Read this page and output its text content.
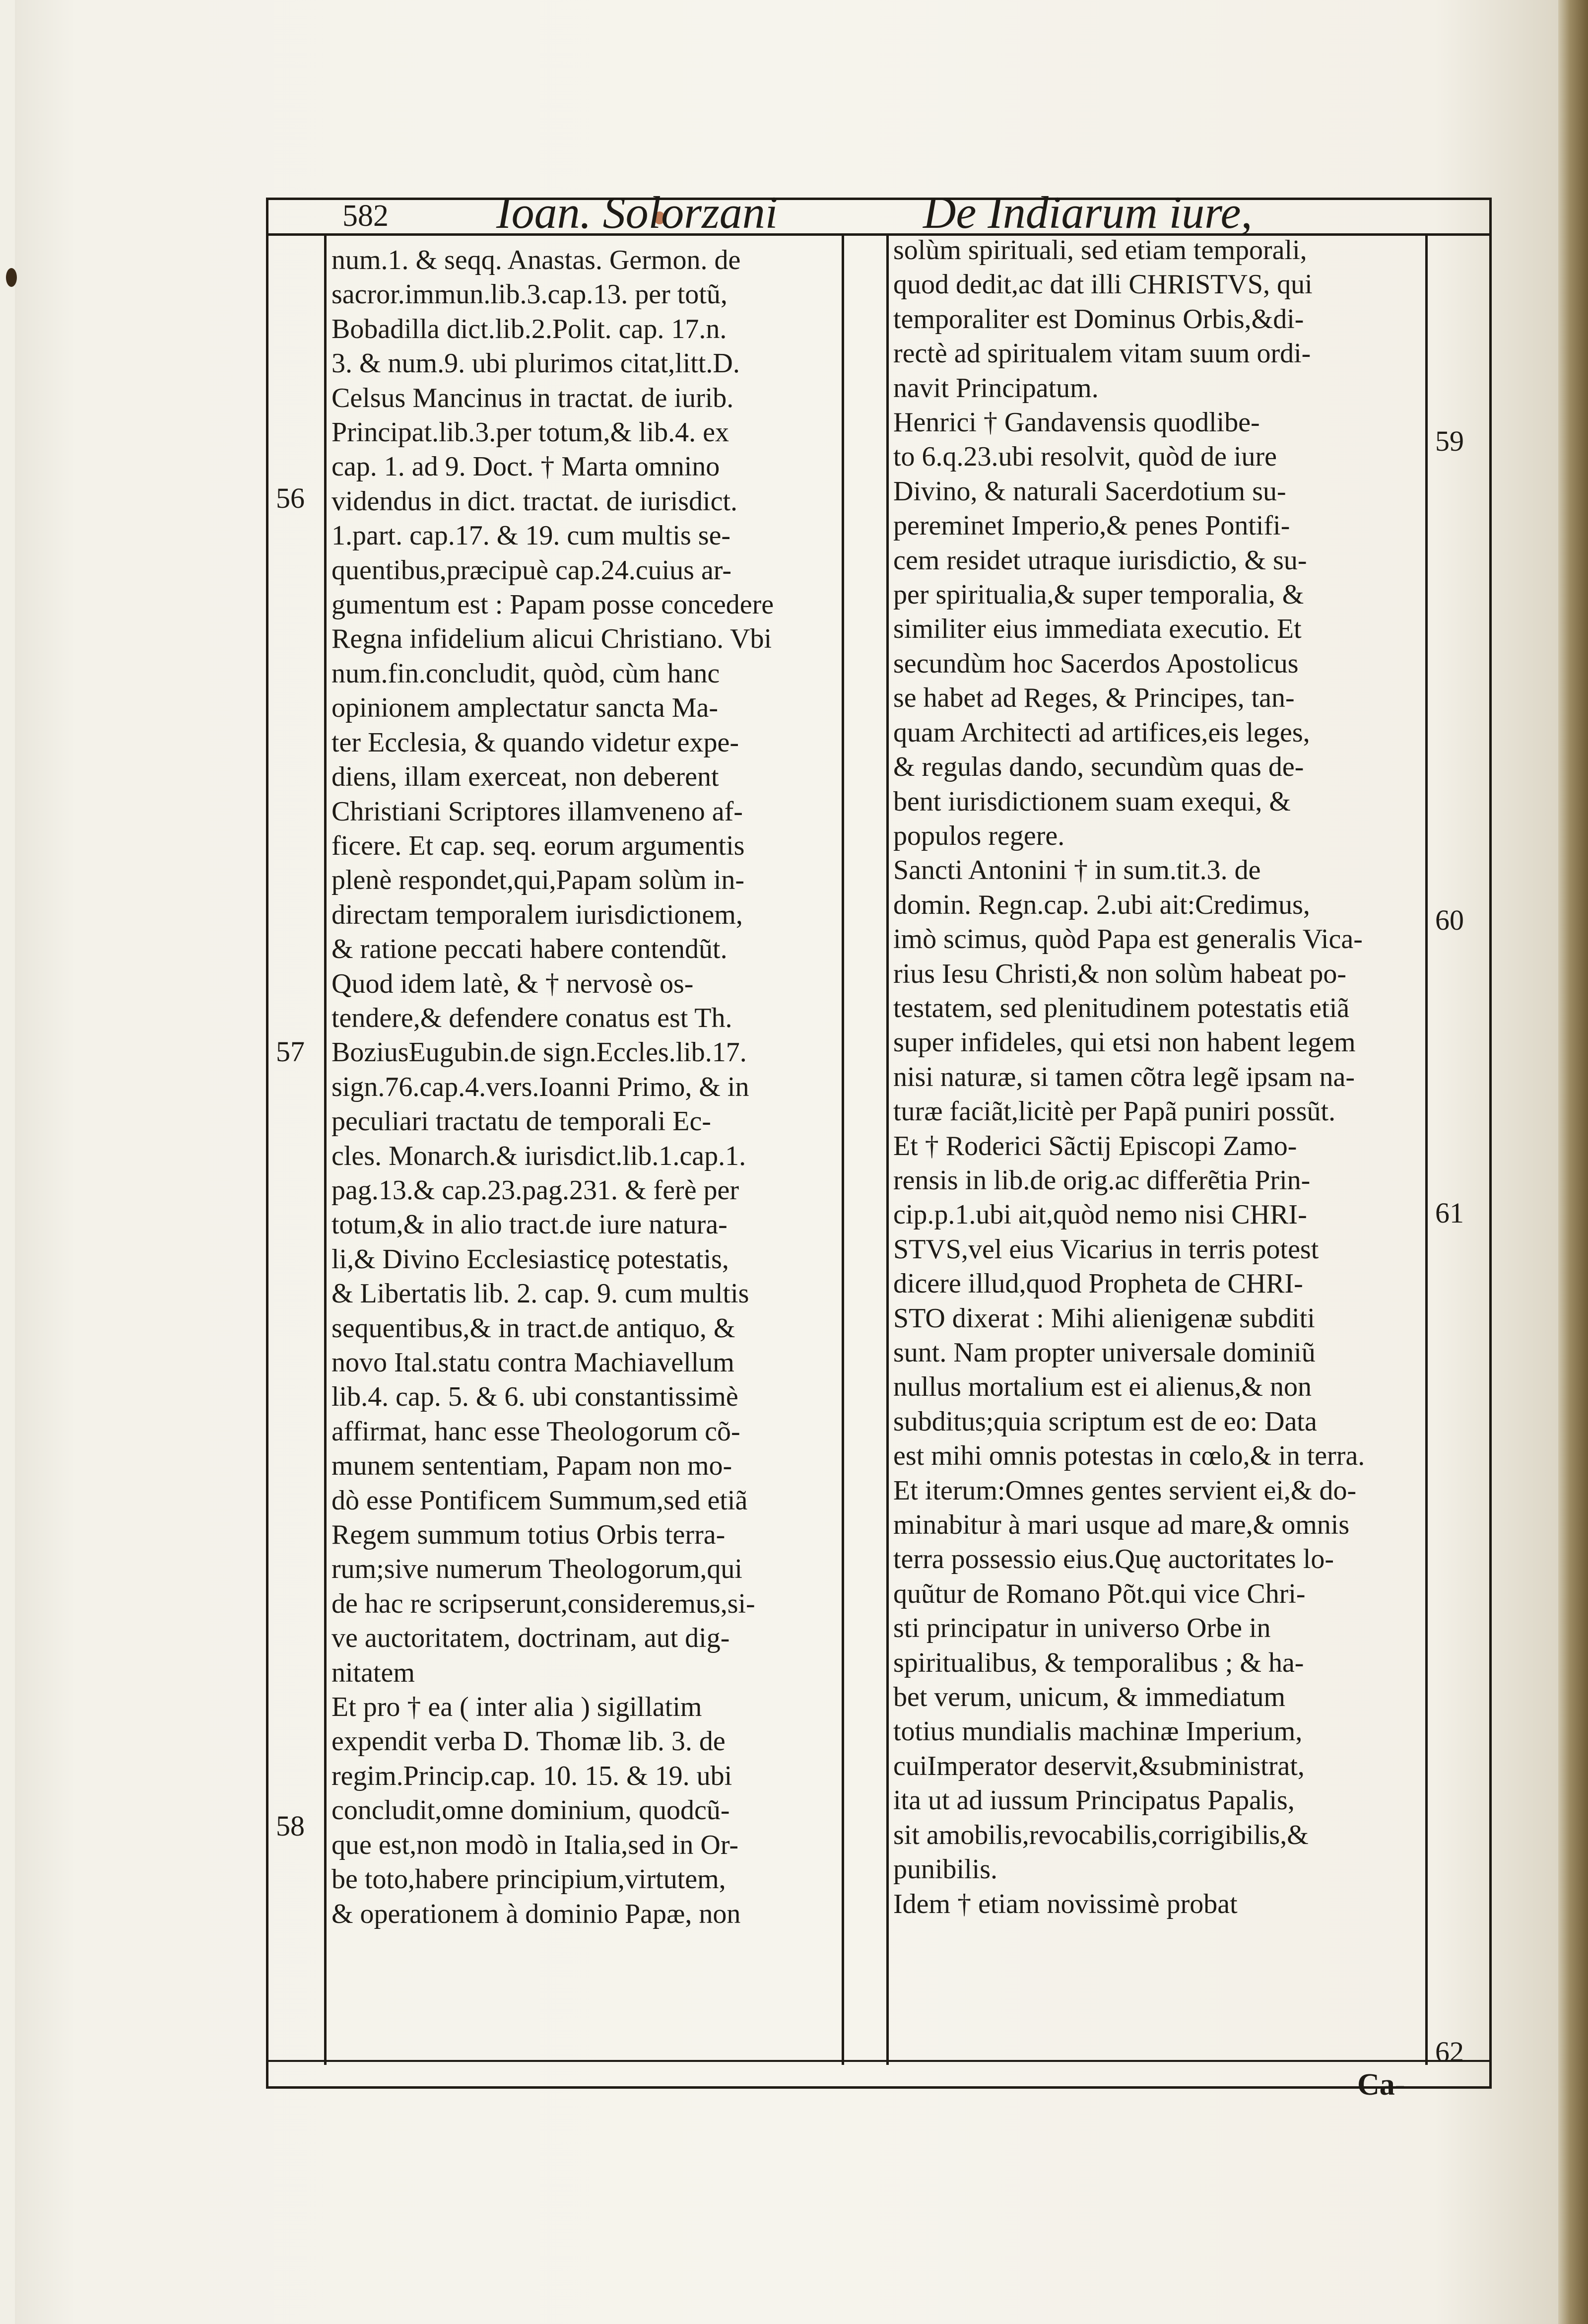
582 Ioan. Solorzani	De Indiarum iure,
num.1. & seqq. Anastas. Germon. de
sacror.immun.lib.3.cap.13. per totũ,
Bobadilla dict.lib.2.Polit. cap. 17.n.
3. & num.9. ubi plurimos citat,litt.D.
Celsus Mancinus in tractat. de iurib.
Principat.lib.3.per totum,& lib.4. ex
cap. 1. ad 9. Doct. † Marta omnino
videndus in dict. tractat. de iurisdict.
1.part. cap.17. & 19. cum multis se-
quentibus,præcipuè cap.24.cuius ar-
gumentum est : Papam posse concedere
Regna infidelium alicui Christiano. Vbi
num.fin.concludit, quòd, cùm hanc
opinionem amplectatur sancta Ma-
ter Ecclesia, & quando videtur expe-
diens, illam exerceat, non deberent
Christiani Scriptores illamveneno af-
ficere. Et cap. seq. eorum argumentis
plenè respondet,qui,Papam solùm in-
directam temporalem iurisdictionem,
& ratione peccati habere contendũt.
Quod idem latè, & † nervosè os-
tendere,& defendere conatus est Th.
BoziusEugubin.de sign.Eccles.lib.17.
sign.76.cap.4.vers.Ioanni Primo, & in
peculiari tractatu de temporali Ec-
cles. Monarch.& iurisdict.lib.1.cap.1.
pag.13.& cap.23.pag.231. & ferè per
totum,& in alio tract.de iure natura-
li,& Divino Ecclesiasticę potestatis,
& Libertatis lib. 2. cap. 9. cum multis
sequentibus,& in tract.de antiquo, &
novo Ital.statu contra Machiavellum
lib.4. cap. 5. & 6. ubi constantissimè
affirmat, hanc esse Theologorum cõ-
munem sententiam, Papam non mo-
dò esse Pontificem Summum,sed etiã
Regem summum totius Orbis terra-
rum;sive numerum Theologorum,qui
de hac re scripserunt,consideremus,si-
ve auctoritatem, doctrinam, aut dig-
nitatem
Et pro † ea ( inter alia ) sigillatim
expendit verba D. Thomæ lib. 3. de
regim.Princip.cap. 10. 15. & 19. ubi
concludit,omne dominium, quodcũ-
que est,non modò in Italia,sed in Or-
be toto,habere principium,virtutem,
& operationem à dominio Papæ, non
solùm spirituali, sed etiam temporali,
quod dedit,ac dat illi CHRISTVS, qui
temporaliter est Dominus Orbis,&di-
rectè ad spiritualem vitam suum ordi-
navit Principatum.
Henrici † Gandavensis quodlibe-
to 6.q.23.ubi resolvit, quòd de iure
Divino, & naturali Sacerdotium su-
pereminet Imperio,& penes Pontifi-
cem residet utraque iurisdictio, & su-
per spiritualia,& super temporalia, &
similiter eius immediata executio. Et
secundùm hoc Sacerdos Apostolicus
se habet ad Reges, & Principes, tan-
quam Architecti ad artifices,eis leges,
& regulas dando, secundùm quas de-
bent iurisdictionem suam exequi, &
populos regere.
Sancti Antonini † in sum.tit.3. de
domin. Regn.cap. 2.ubi ait:Credimus,
imò scimus, quòd Papa est generalis Vica-
rius Iesu Christi,& non solùm habeat po-
testatem, sed plenitudinem potestatis etiã
super infideles, qui etsi non habent legem
nisi naturæ, si tamen cõtra legẽ ipsam na-
turæ faciãt,licitè per Papã puniri possũt.
Et † Roderici Sãctij Episcopi Zamo-
rensis in lib.de orig.ac differẽtia Prin-
cip.p.1.ubi ait,quòd nemo nisi CHRI-
STVS,vel eius Vicarius in terris potest
dicere illud,quod Propheta de CHRI-
STO dixerat : Mihi alienigenæ subditi
sunt. Nam propter universale dominiũ
nullus mortalium est ei alienus,& non
subditus;quia scriptum est de eo: Data
est mihi omnis potestas in cœlo,& in terra.
Et iterum:Omnes gentes servient ei,& do-
minabitur à mari usque ad mare,& omnis
terra possessio eius.Quę auctoritates lo-
quũtur de Romano Põt.qui vice Chri-
sti principatur in universo Orbe in
spiritualibus, & temporalibus ; & ha-
bet verum, unicum, & immediatum
totius mundialis machinæ Imperium,
cuiImperator deservit,&subministrat,
ita ut ad iussum Principatus Papalis,
sit amobilis,revocabilis,corrigibilis,&
punibilis.
Idem † etiam novissimè probat
56
57
58
59
60
61
62
Ca-
